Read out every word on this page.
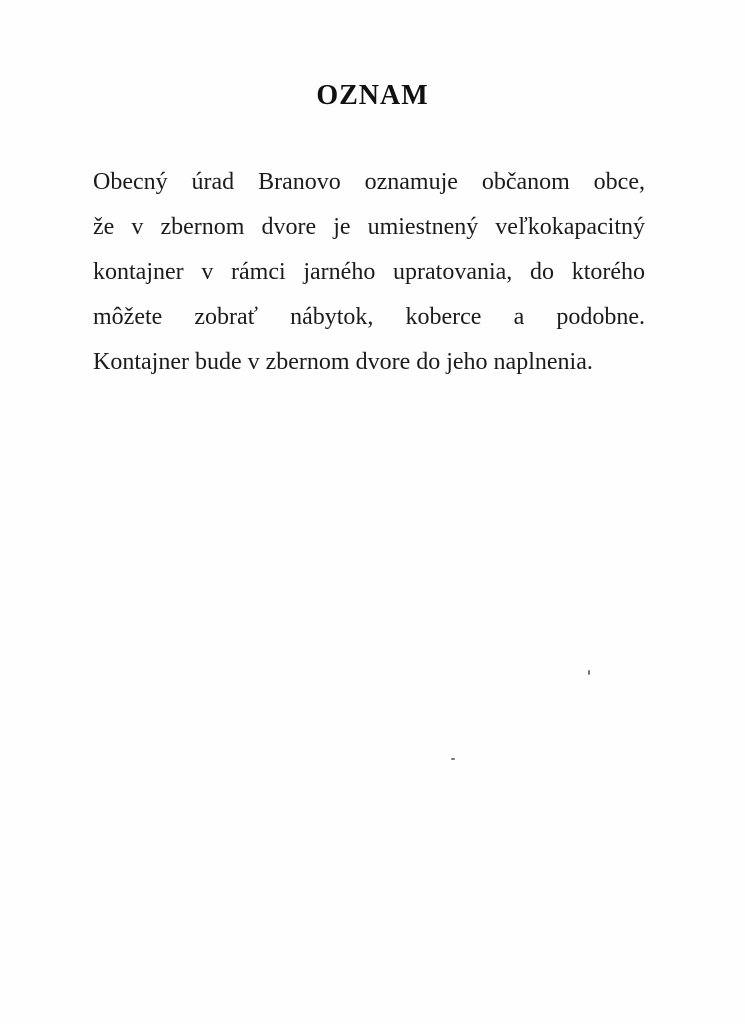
OZNAM
Obecný úrad Branovo oznamuje občanom obce,
že v zbernom dvore je umiestnený veľkokapacitný
kontajner v rámci jarného upratovania, do ktorého
môžete zobrať nábytok, koberce a podobne.
Kontajner bude v zbernom dvore do jeho naplnenia.
